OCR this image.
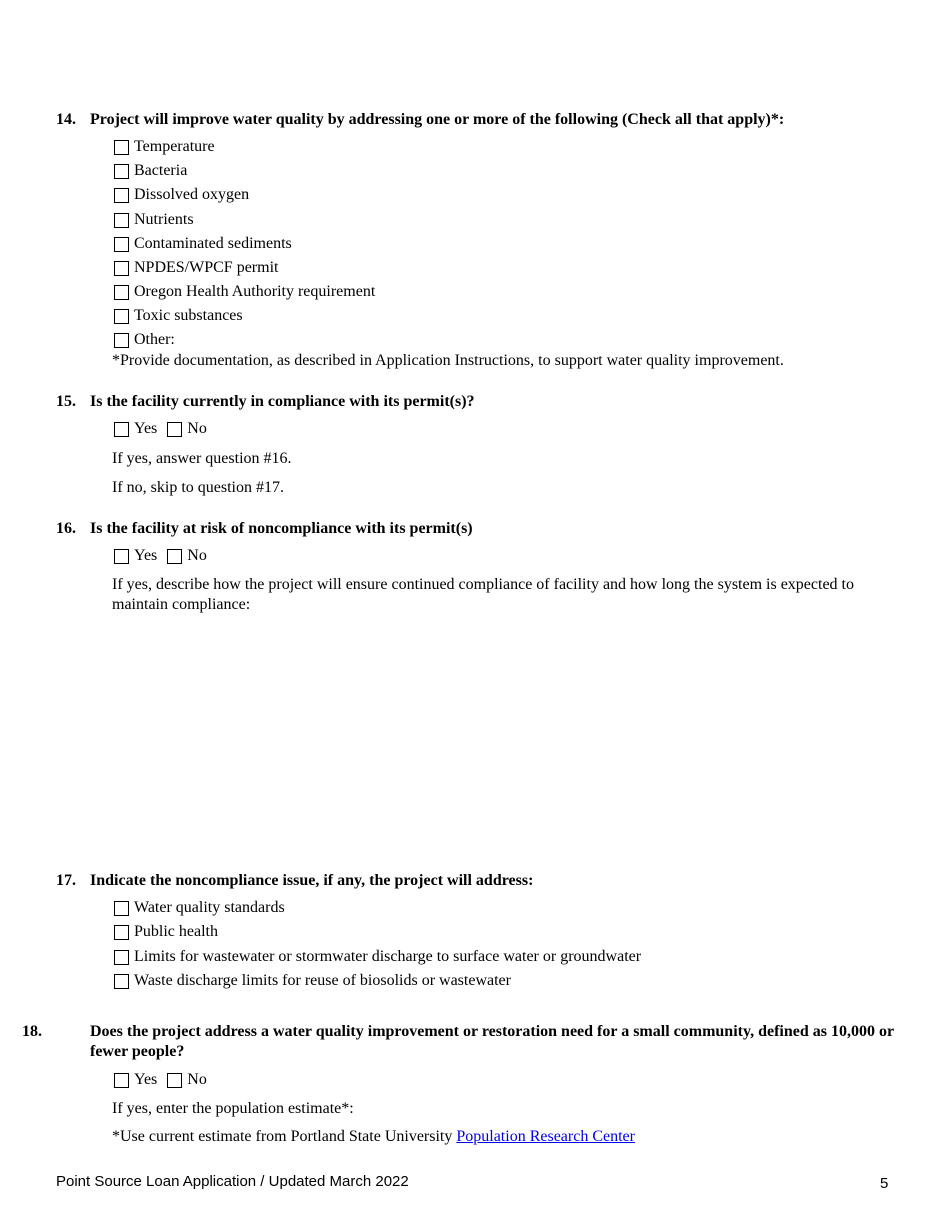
14. Project will improve water quality by addressing one or more of the following (Check all that apply)*:
Temperature
Bacteria
Dissolved oxygen
Nutrients
Contaminated sediments
NPDES/WPCF permit
Oregon Health Authority requirement
Toxic substances
Other:
*Provide documentation, as described in Application Instructions, to support water quality improvement.
15. Is the facility currently in compliance with its permit(s)?
Yes No
If yes, answer question #16.
If no, skip to question #17.
16. Is the facility at risk of noncompliance with its permit(s)
Yes No
If yes, describe how the project will ensure continued compliance of facility and how long the system is expected to maintain compliance:
17. Indicate the noncompliance issue, if any, the project will address:
Water quality standards
Public health
Limits for wastewater or stormwater discharge to surface water or groundwater
Waste discharge limits for reuse of biosolids or wastewater
18.	Does the project address a water quality improvement or restoration need for a small community, defined as 10,000 or fewer people?
Yes No
If yes, enter the population estimate*:
*Use current estimate from Portland State University Population Research Center
Point Source Loan Application / Updated March 2022	5
